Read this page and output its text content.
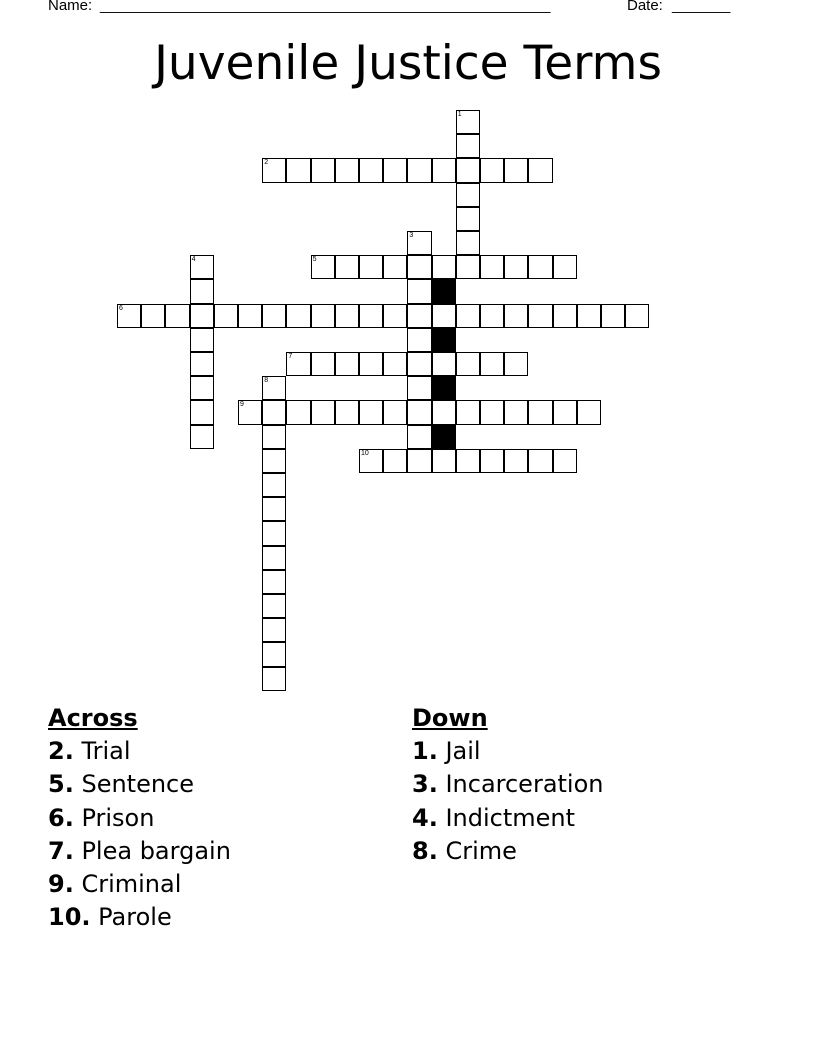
Name: ______________________________________________________	Date: _______
Juvenile Justice Terms
1
2
3
4	5
6
7
8
9
10
Across
2. Trial
5. Sentence
6. Prison
7. Plea bargain
9. Criminal
10. Parole
Down
1. Jail
3. Incarceration
4. Indictment
8. Crime
